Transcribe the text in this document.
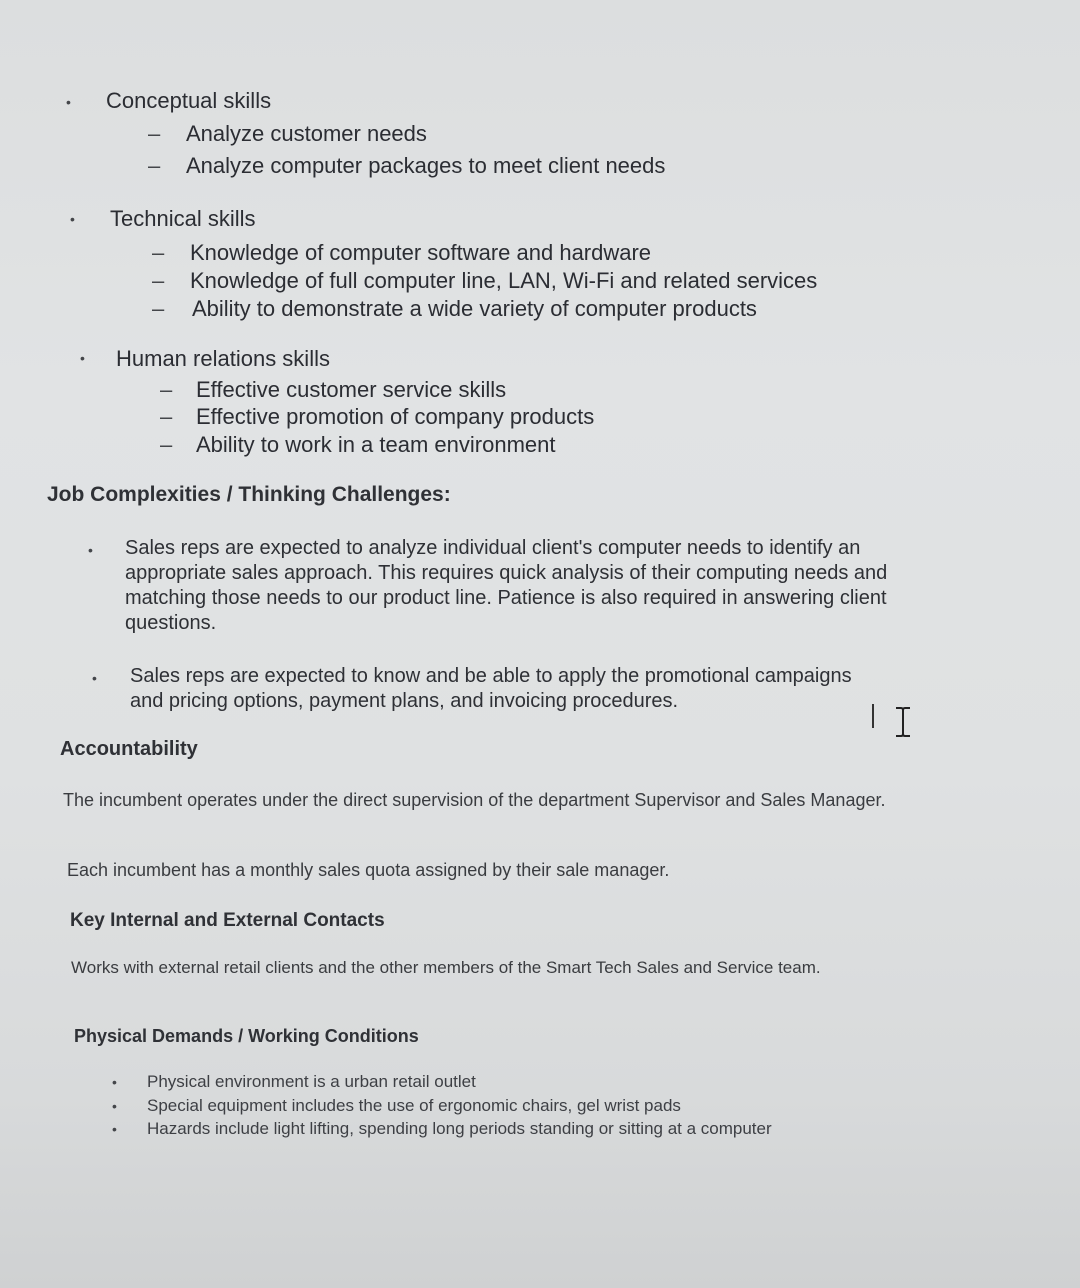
• Conceptual skills
– Analyze customer needs
– Analyze computer packages to meet client needs
• Technical skills
– Knowledge of computer software and hardware
– Knowledge of full computer line, LAN, Wi-Fi and related services
– Ability to demonstrate a wide variety of computer products
• Human relations skills
– Effective customer service skills
– Effective promotion of company products
– Ability to work in a team environment
Job Complexities / Thinking Challenges:
• Sales reps are expected to analyze individual client's computer needs to identify an appropriate sales approach. This requires quick analysis of their computing needs and matching those needs to our product line. Patience is also required in answering client questions.
• Sales reps are expected to know and be able to apply the promotional campaigns and pricing options, payment plans, and invoicing procedures.
Accountability
The incumbent operates under the direct supervision of the department Supervisor and Sales Manager.
Each incumbent has a monthly sales quota assigned by their sale manager.
Key Internal and External Contacts
Works with external retail clients and the other members of the Smart Tech Sales and Service team.
Physical Demands / Working Conditions
• Physical environment is a urban retail outlet
• Special equipment includes the use of ergonomic chairs, gel wrist pads
• Hazards include light lifting, spending long periods standing or sitting at a computer
